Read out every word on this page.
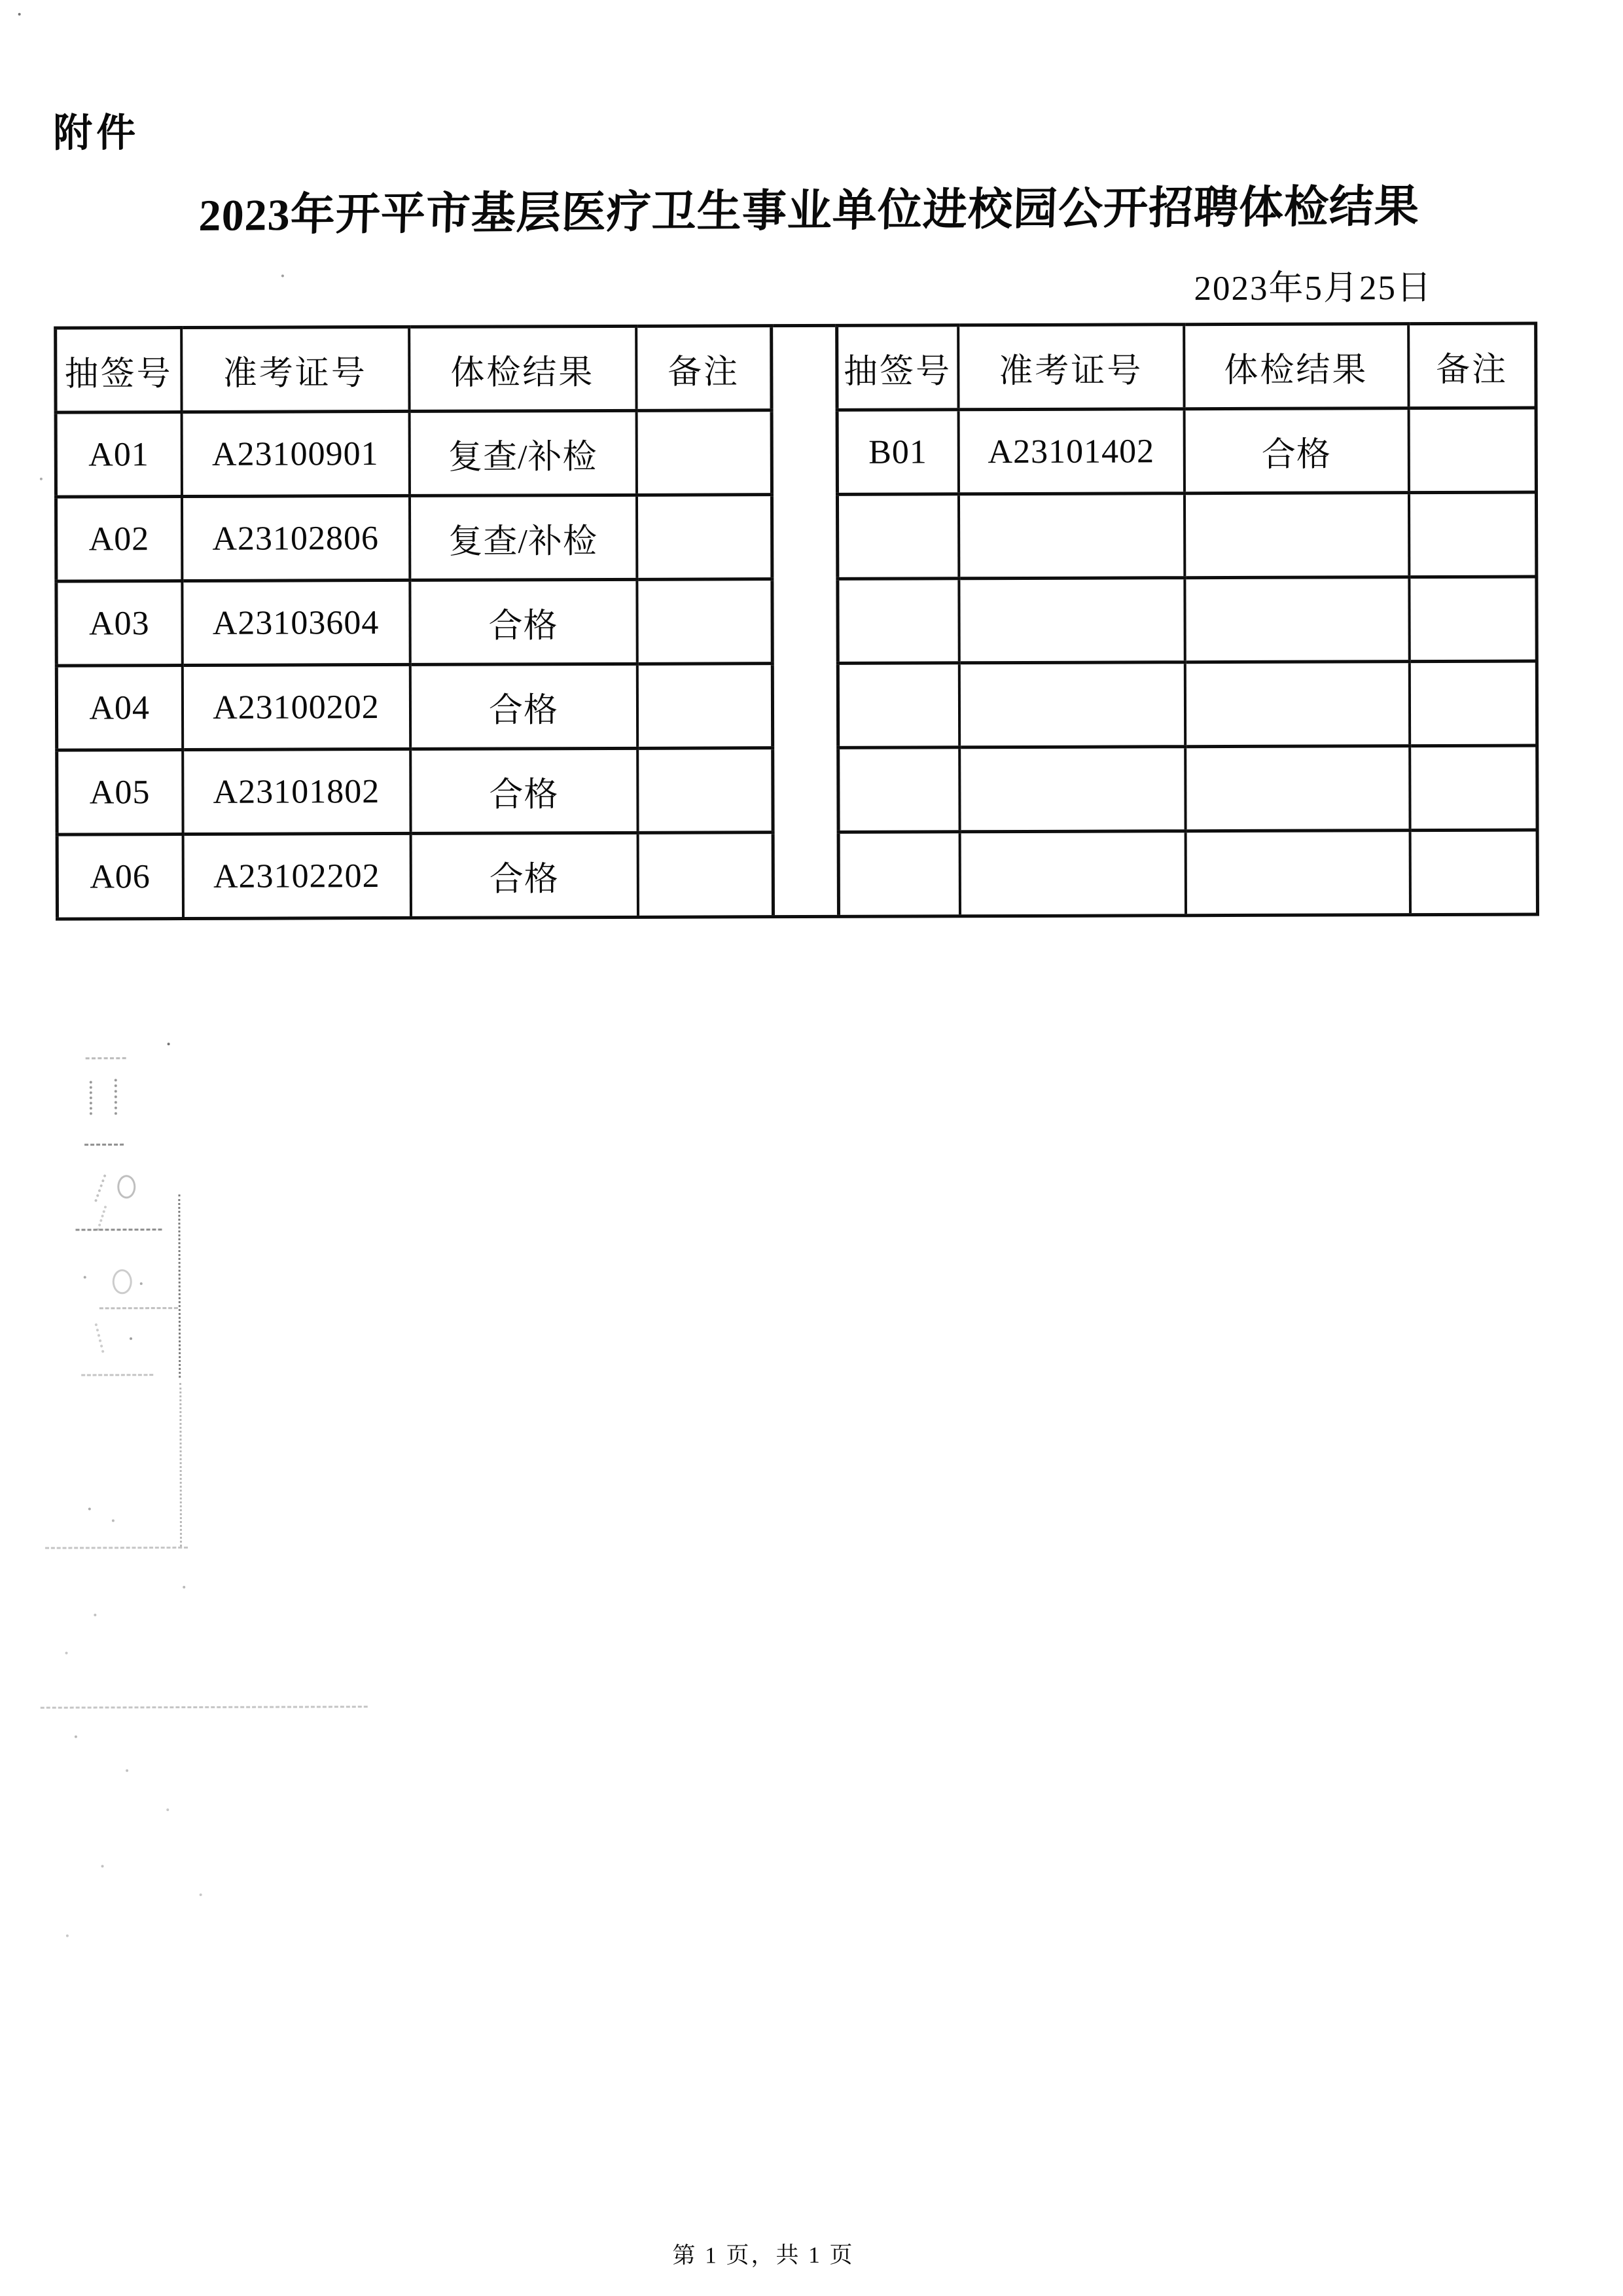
附件
2023年开平市基层医疗卫生事业单位进校园公开招聘体检结果
2023年5月25日
抽签号	准考证号	体检结果	备注
A01	A23100901	复查/补检	
A02	A23102806	复查/补检	
A03	A23103604	合格	
A04	A23100202	合格	
A05	A23101802	合格	
A06	A23102202	合格	
抽签号	准考证号	体检结果	备注
B01	A23101402	合格	

第 1 页，共 1 页
